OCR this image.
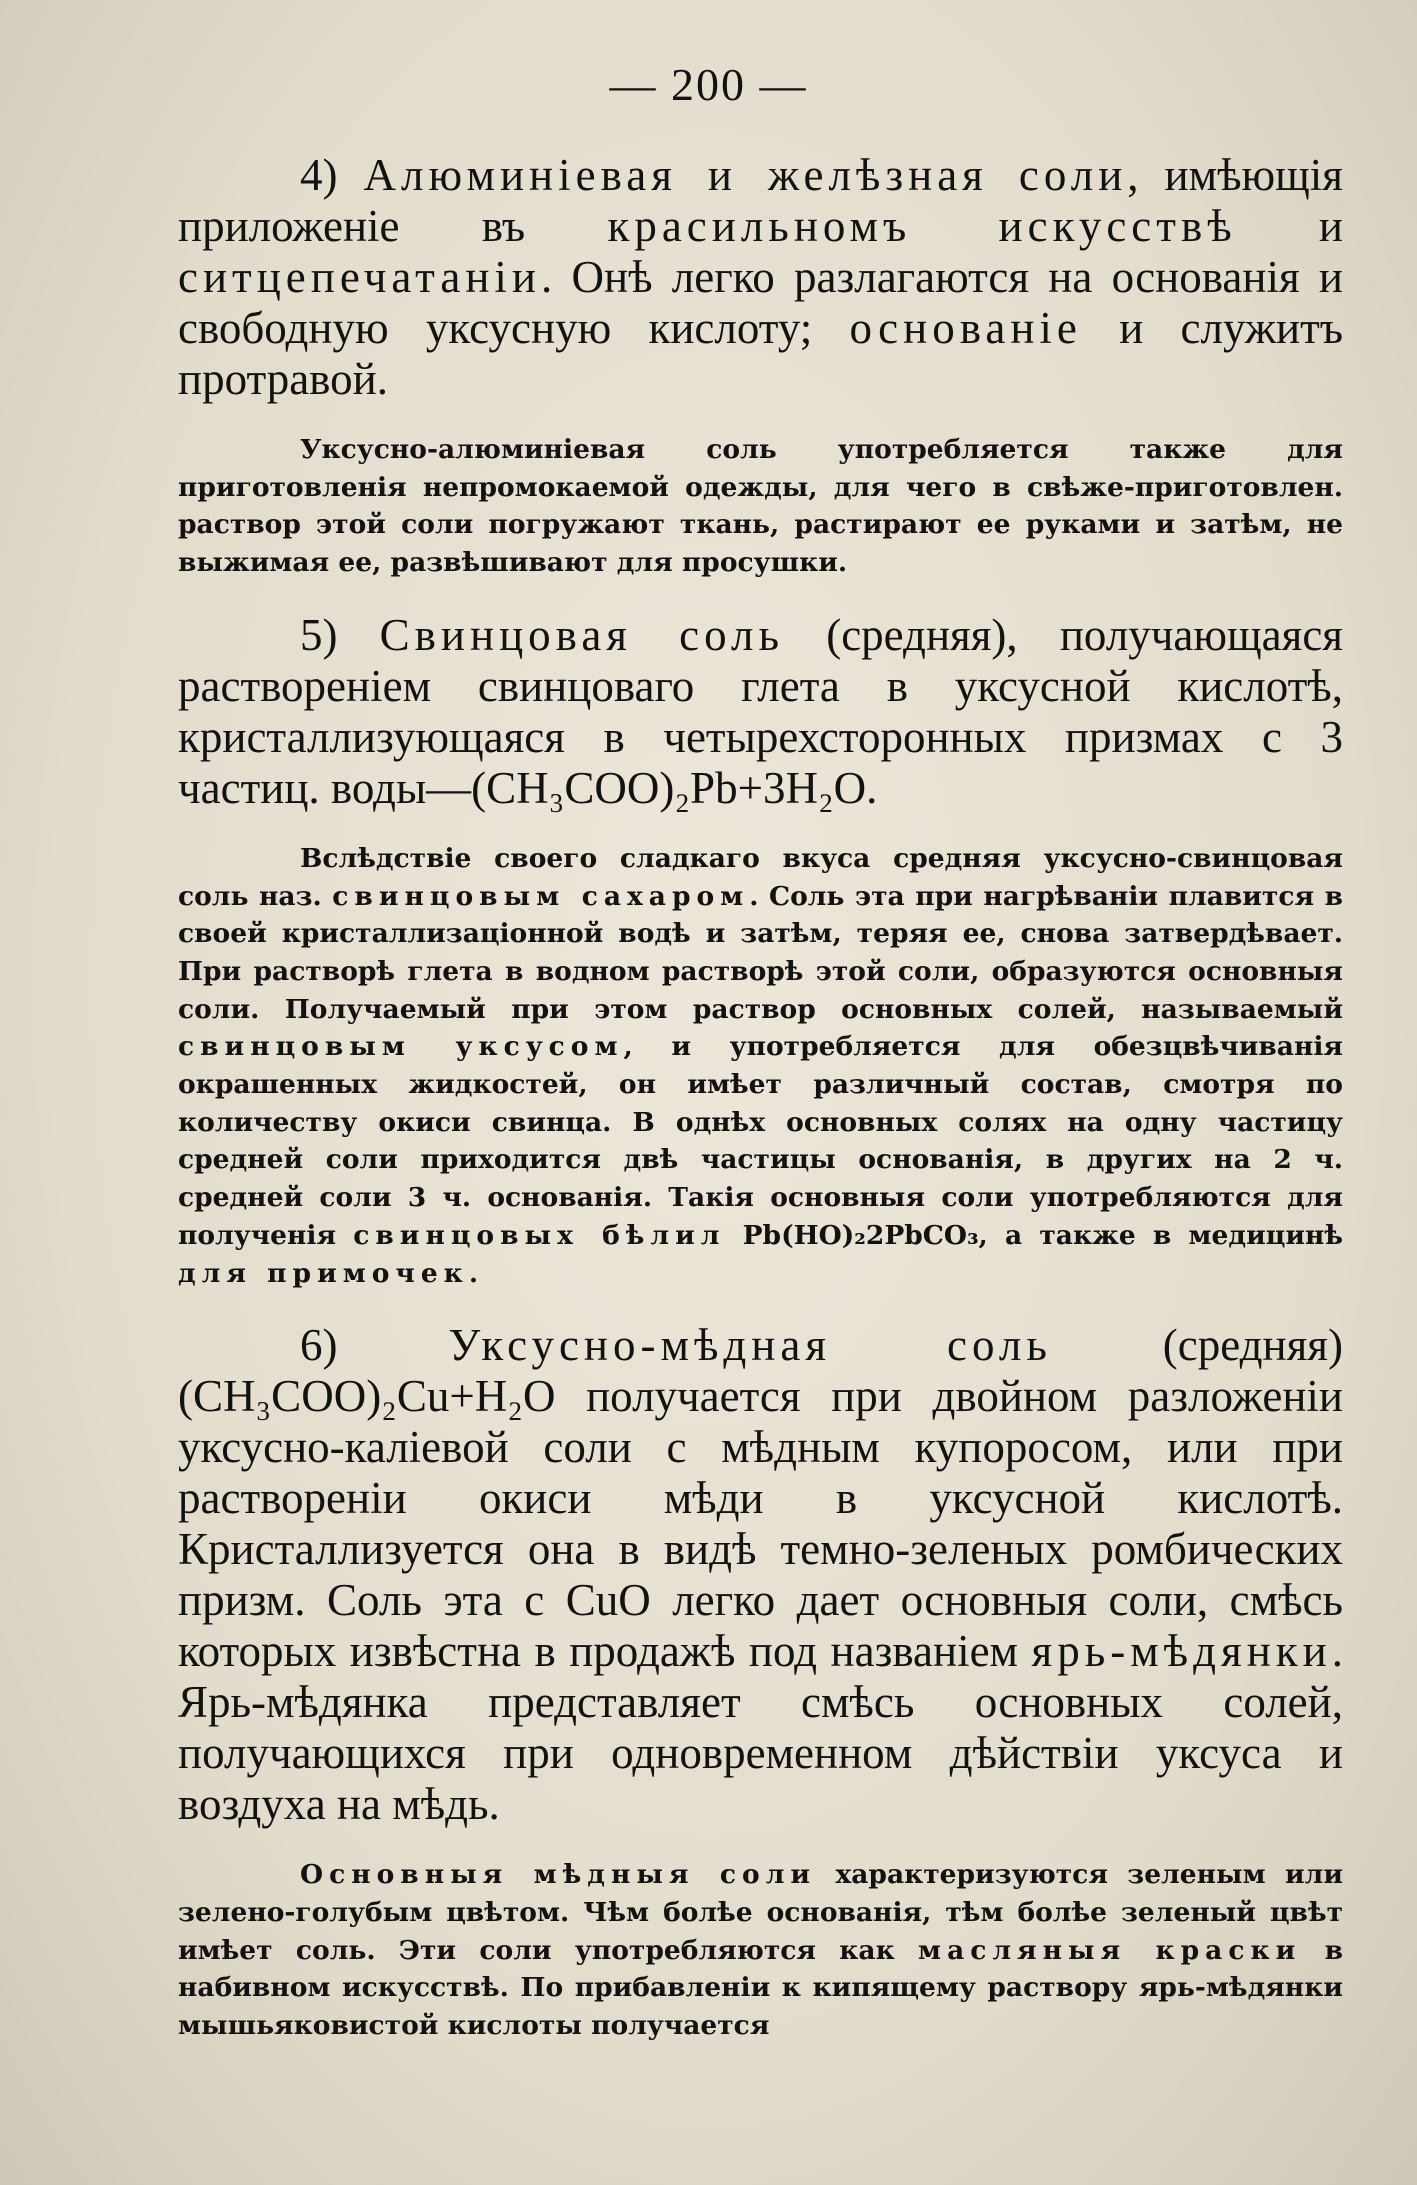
— 200 —

4) Алюминіевая и желѣзная соли, имѣющія приложеніе въ красильномъ искусствѣ и ситцепечатаніи. Онѣ легко разлагаются на основанія и свободную уксусную кислоту; основаніе и служитъ протравой.

Уксусно-алюминіевая соль употребляется также для приготовленія непромокаемой одежды, для чего в свѣже-приготовлен. раствор этой соли погружают ткань, растирают ее руками и затѣм, не выжимая ее, развѣшивают для просушки.

5) Свинцовая соль (средняя), получающаяся раствореніем свинцоваго глета в уксусной кислотѣ, кристаллизующаяся в четырехсторонных призмах с 3 частиц. воды—(CH₃COO)₂Pb+3H₂O.

Вслѣдствіе своего сладкаго вкуса средняя уксусно-свинцовая соль наз. свинцовым сахаром. Соль эта при нагрѣваніи плавится в своей кристаллизаціонной водѣ и затѣм, теряя ее, снова затвердѣвает. При растворѣ глета в водном растворѣ этой соли, образуются основныя соли. Получаемый при этом раствор основных солей, называемый свинцовым уксусом, и употребляется для обезцвѣчиванія окрашенных жидкостей, он имѣет различный состав, смотря по количеству окиси свинца. В однѣх основных солях на одну частицу средней соли приходится двѣ частицы основанія, в других на 2 ч. средней соли 3 ч. основанія. Такія основныя соли употребляются для полученія свинцовых бѣлил Pb(HO)₂2PbCO₃, а также в медицинѣ для примочек.

6) Уксусно-мѣдная соль (средняя) (CH₃COO)₂Cu+H₂O получается при двойном разложеніи уксусно-каліевой соли с мѣдным купоросом, или при раствореніи окиси мѣди в уксусной кислотѣ. Кристаллизуется она в видѣ темно-зеленых ромбических призм. Соль эта с CuO легко дает основныя соли, смѣсь которых извѣстна в продажѣ под названіем ярь-мѣдянки. Ярь-мѣдянка представляет смѣсь основных солей, получающихся при одновременном дѣйствіи уксуса и воздуха на мѣдь.

Основныя мѣдныя соли характеризуются зеленым или зелено-голубым цвѣтом. Чѣм болѣе основанія, тѣм болѣе зеленый цвѣт имѣет соль. Эти соли употребляются как масляныя краски в набивном искусствѣ. По прибавленіи к кипящему раствору ярь-мѣдянки мышьяковистой кислоты получается
